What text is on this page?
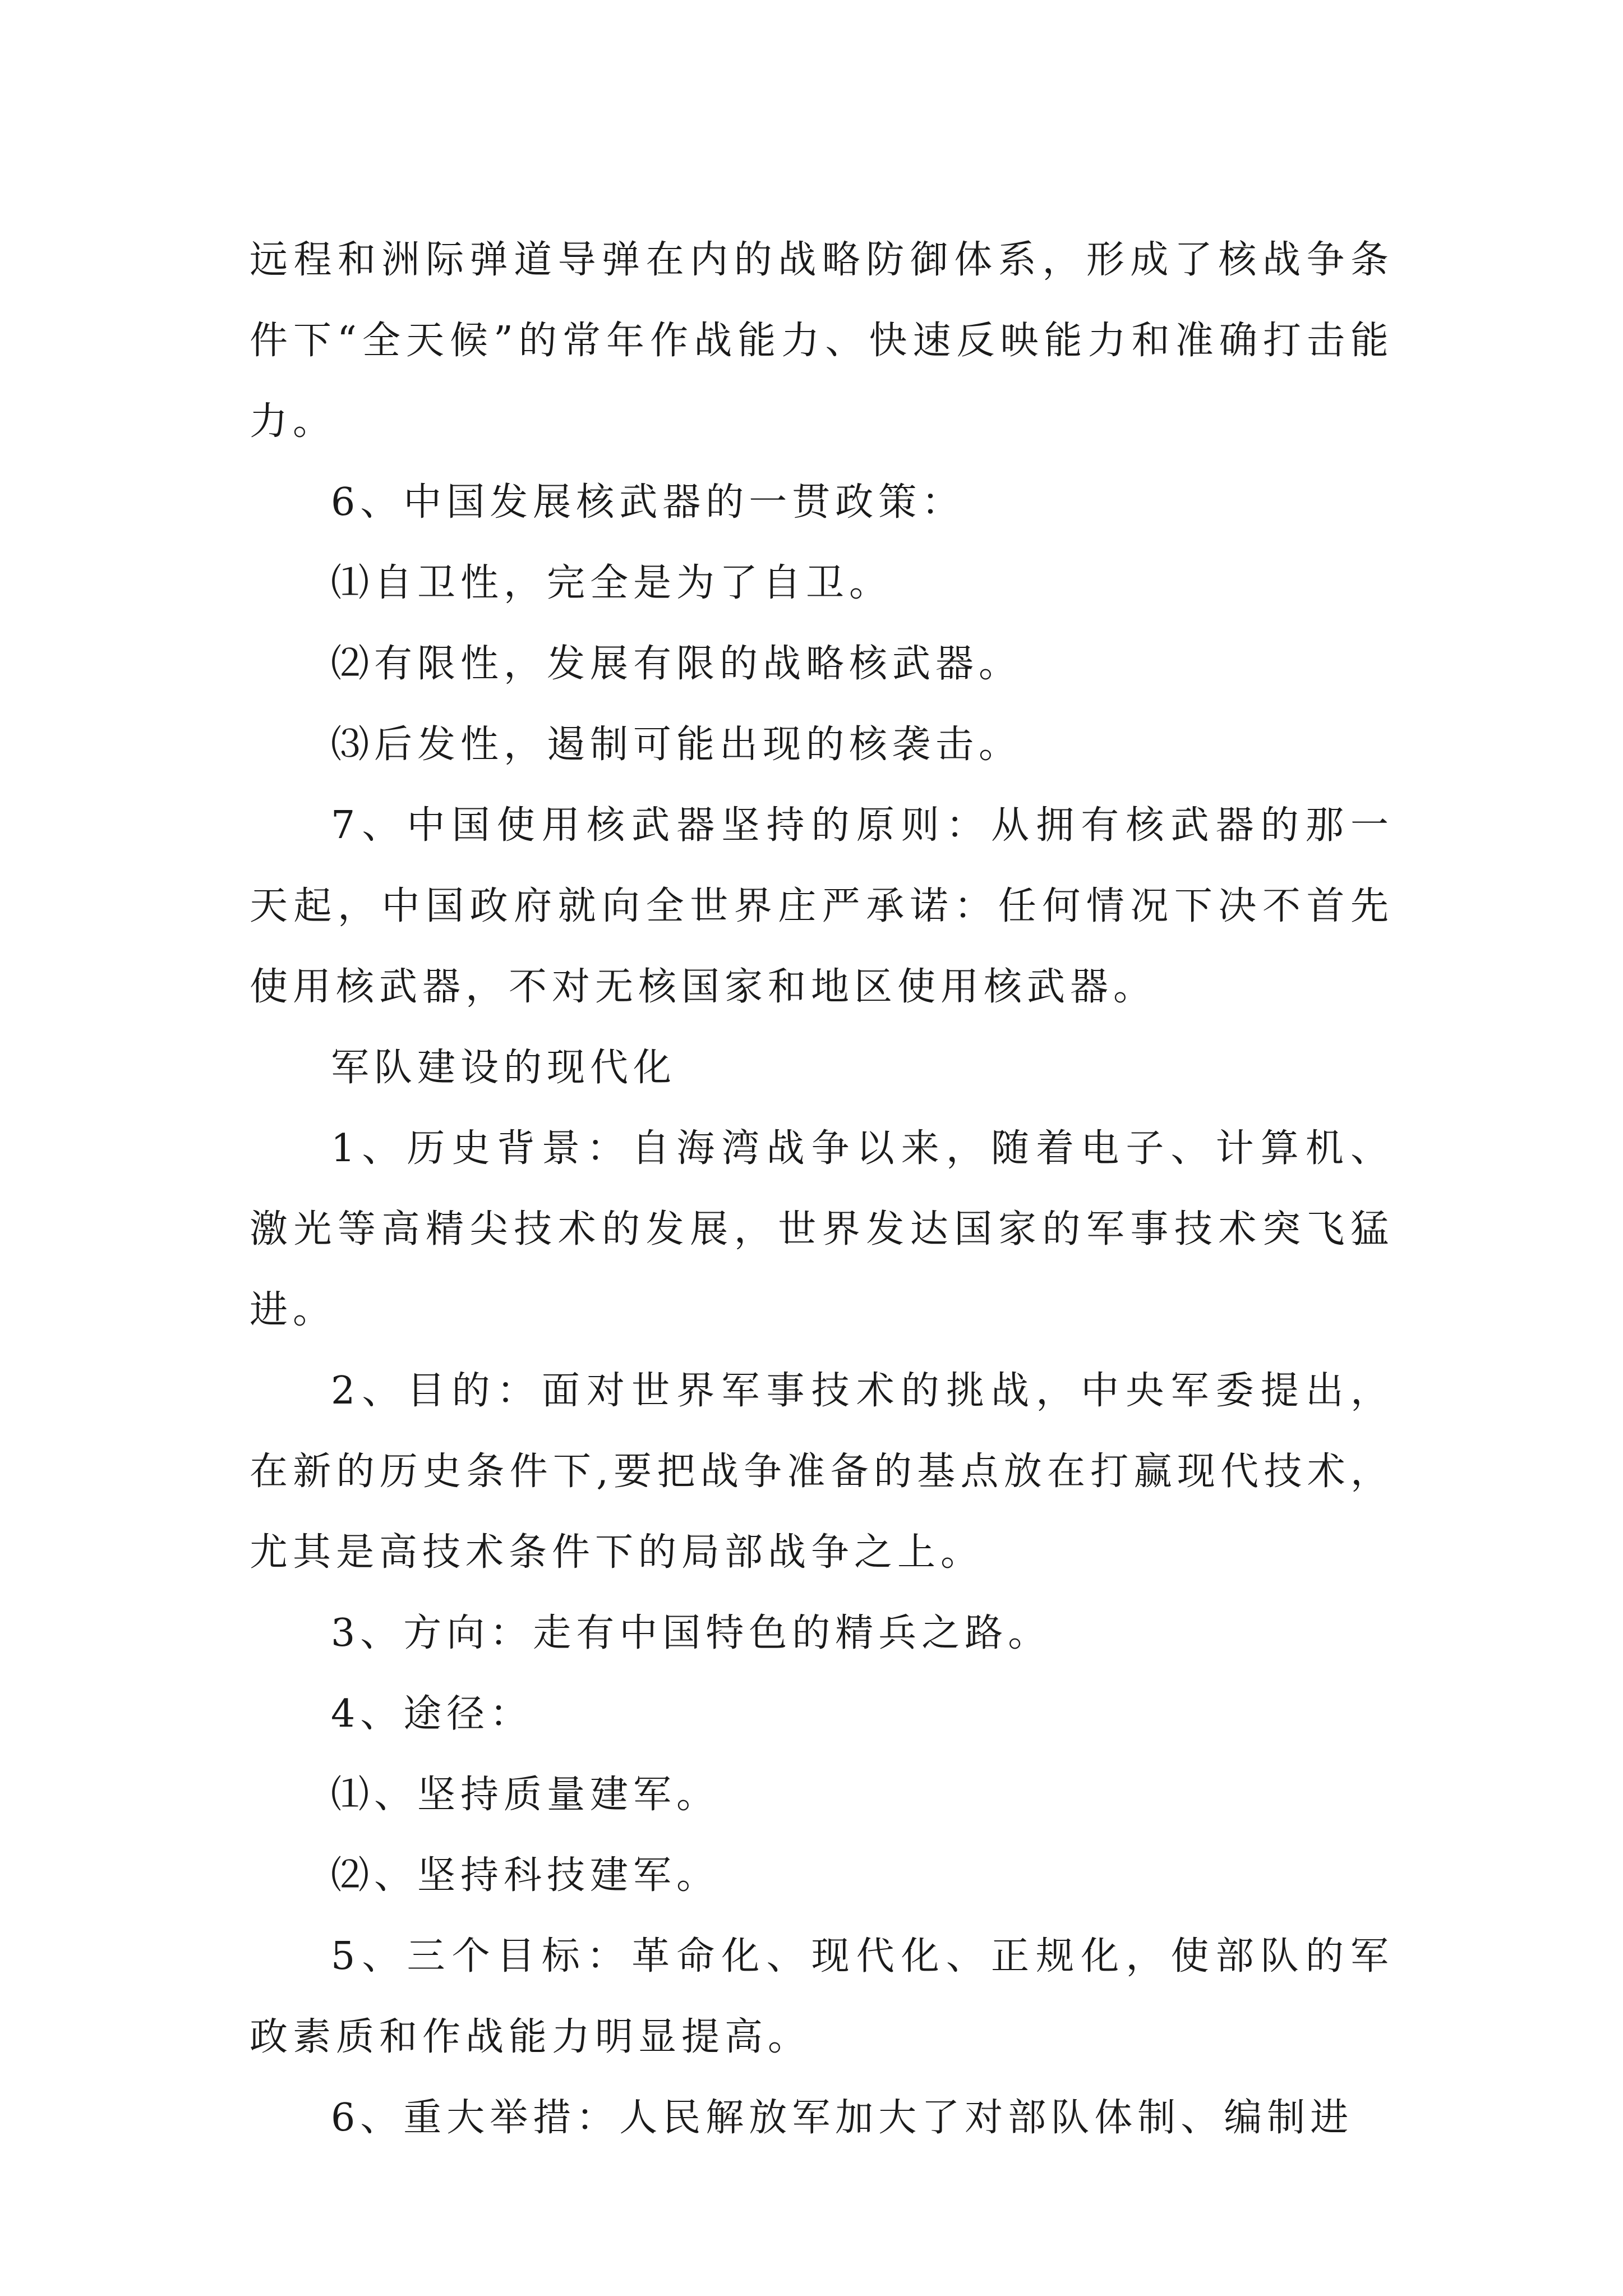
远程和洲际弹道导弹在内的战略防御体系，形成了核战争条件下“全天候”的常年作战能力、快速反映能力和准确打击能力。

6、中国发展核武器的一贯政策：

⑴自卫性，完全是为了自卫。

⑵有限性，发展有限的战略核武器。

⑶后发性，遏制可能出现的核袭击。

7、中国使用核武器坚持的原则：从拥有核武器的那一天起，中国政府就向全世界庄严承诺：任何情况下决不首先使用核武器，不对无核国家和地区使用核武器。

军队建设的现代化

1、历史背景：自海湾战争以来，随着电子、计算机、激光等高精尖技术的发展，世界发达国家的军事技术突飞猛进。

2、目的：面对世界军事技术的挑战，中央军委提出，在新的历史条件下,要把战争准备的基点放在打赢现代技术，尤其是高技术条件下的局部战争之上。

3、方向：走有中国特色的精兵之路。

4、途径：

⑴、坚持质量建军。

⑵、坚持科技建军。

5、三个目标：革命化、现代化、正规化，使部队的军政素质和作战能力明显提高。

6、重大举措：人民解放军加大了对部队体制、编制进
